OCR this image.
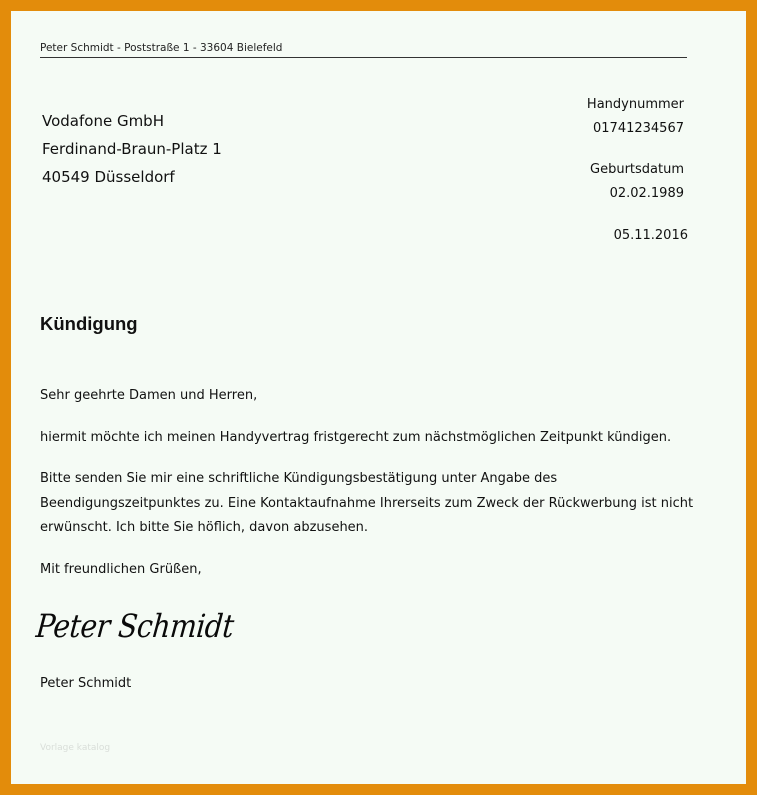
Peter Schmidt - Poststraße 1 - 33604 Bielefeld
Vodafone GmbH
Ferdinand-Braun-Platz 1
40549 Düsseldorf
Handynummer
01741234567
Geburtsdatum
02.02.1989
05.11.2016
Kündigung

Sehr geehrte Damen und Herren,

hiermit möchte ich meinen Handyvertrag fristgerecht zum nächstmöglichen Zeitpunkt kündigen.

Bitte senden Sie mir eine schriftliche Kündigungsbestätigung unter Angabe des Beendigungszeitpunktes zu. Eine Kontaktaufnahme Ihrerseits zum Zweck der Rückwerbung ist nicht erwünscht. Ich bitte Sie höflich, davon abzusehen.

Mit freundlichen Grüßen,

Peter Schmidt
Peter Schmidt
Vorlage katalog
